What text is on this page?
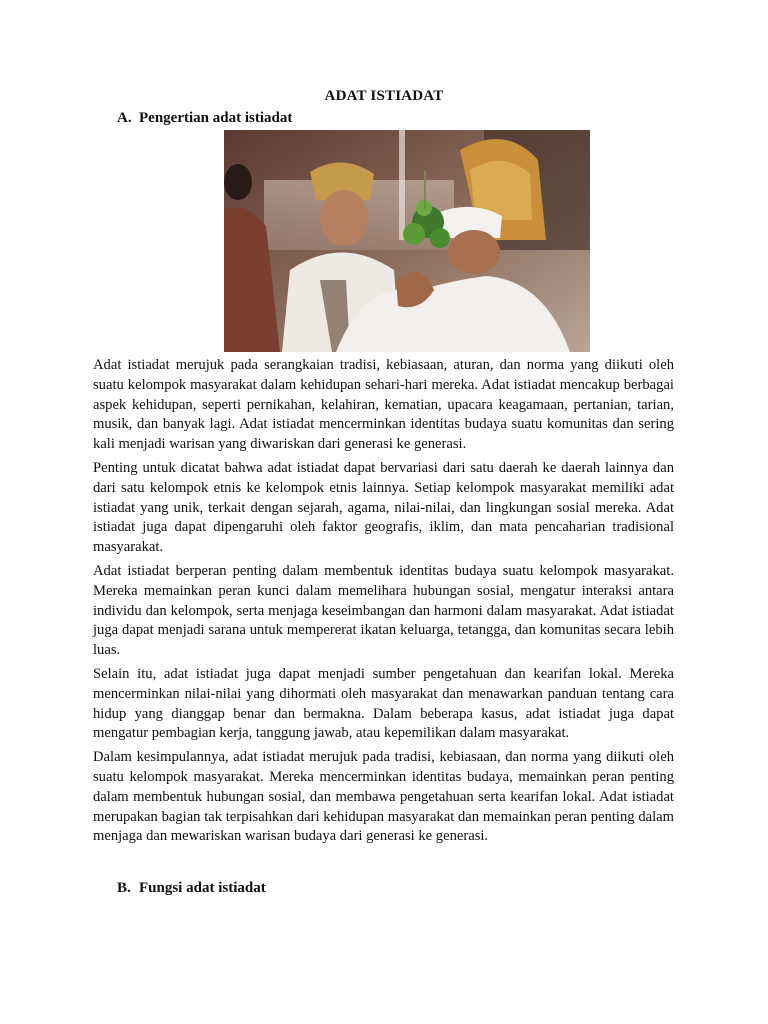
ADAT ISTIADAT
A. Pengertian adat istiadat

Adat istiadat merujuk pada serangkaian tradisi, kebiasaan, aturan, dan norma yang diikuti oleh suatu kelompok masyarakat dalam kehidupan sehari-hari mereka. Adat istiadat mencakup berbagai aspek kehidupan, seperti pernikahan, kelahiran, kematian, upacara keagamaan, pertanian, tarian, musik, dan banyak lagi. Adat istiadat mencerminkan identitas budaya suatu komunitas dan sering kali menjadi warisan yang diwariskan dari generasi ke generasi.

Penting untuk dicatat bahwa adat istiadat dapat bervariasi dari satu daerah ke daerah lainnya dan dari satu kelompok etnis ke kelompok etnis lainnya. Setiap kelompok masyarakat memiliki adat istiadat yang unik, terkait dengan sejarah, agama, nilai-nilai, dan lingkungan sosial mereka. Adat istiadat juga dapat dipengaruhi oleh faktor geografis, iklim, dan mata pencaharian tradisional masyarakat.

Adat istiadat berperan penting dalam membentuk identitas budaya suatu kelompok masyarakat. Mereka memainkan peran kunci dalam memelihara hubungan sosial, mengatur interaksi antara individu dan kelompok, serta menjaga keseimbangan dan harmoni dalam masyarakat. Adat istiadat juga dapat menjadi sarana untuk mempererat ikatan keluarga, tetangga, dan komunitas secara lebih luas.

Selain itu, adat istiadat juga dapat menjadi sumber pengetahuan dan kearifan lokal. Mereka mencerminkan nilai-nilai yang dihormati oleh masyarakat dan menawarkan panduan tentang cara hidup yang dianggap benar dan bermakna. Dalam beberapa kasus, adat istiadat juga dapat mengatur pembagian kerja, tanggung jawab, atau kepemilikan dalam masyarakat.

Dalam kesimpulannya, adat istiadat merujuk pada tradisi, kebiasaan, dan norma yang diikuti oleh suatu kelompok masyarakat. Mereka mencerminkan identitas budaya, memainkan peran penting dalam membentuk hubungan sosial, dan membawa pengetahuan serta kearifan lokal. Adat istiadat merupakan bagian tak terpisahkan dari kehidupan masyarakat dan memainkan peran penting dalam menjaga dan mewariskan warisan budaya dari generasi ke generasi.

B. Fungsi adat istiadat
